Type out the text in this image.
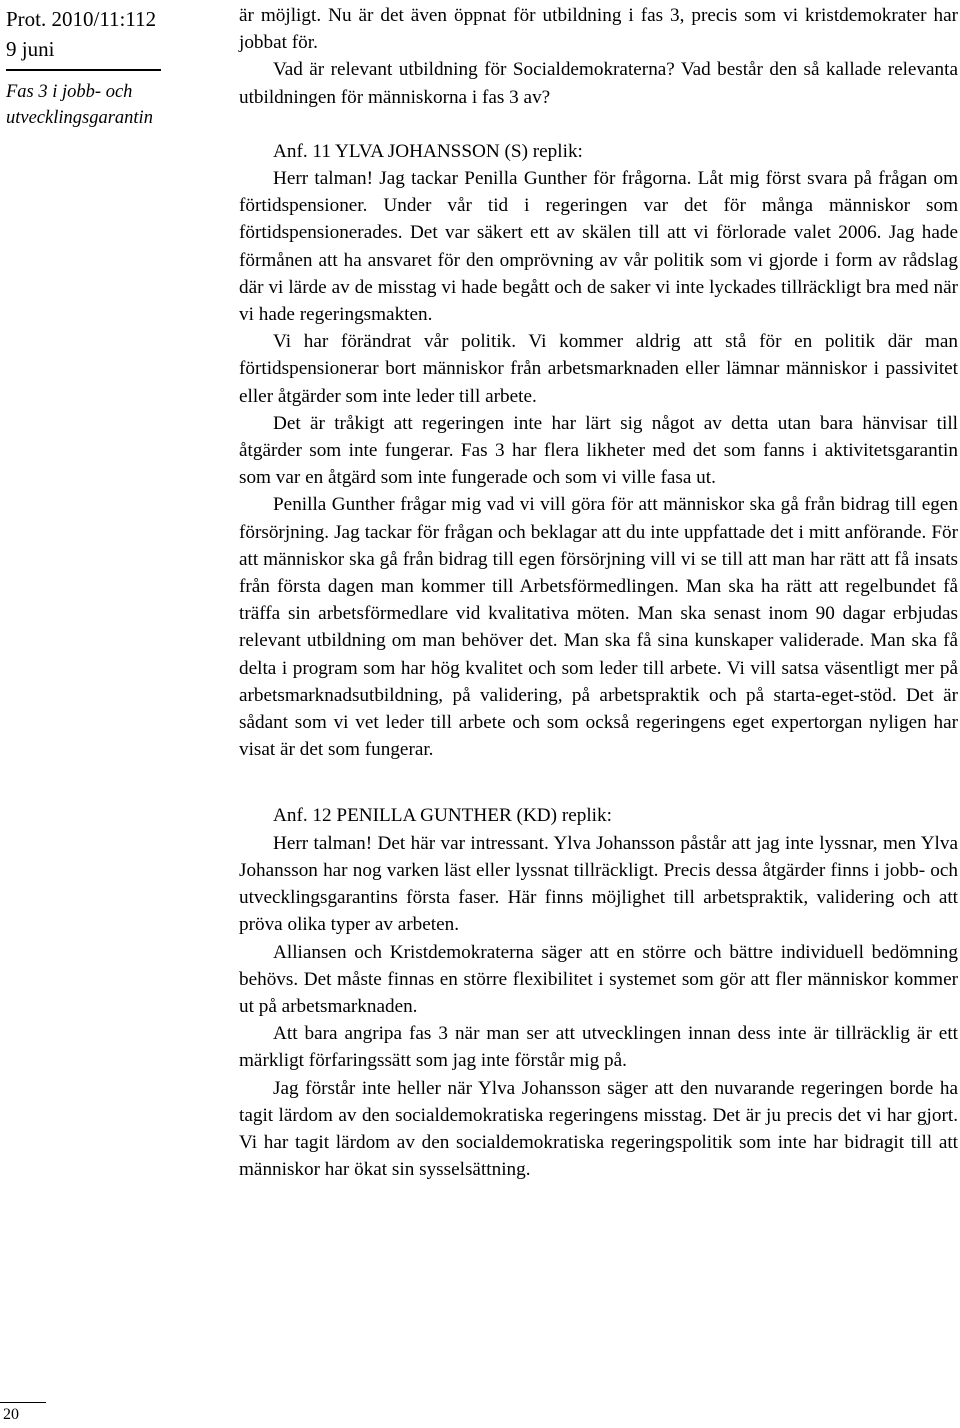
Prot. 2010/11:112

9 juni

Fas 3 i jobb- och
utvecklingsgarantin

är möjligt. Nu är det även öppnat för utbildning i fas 3, precis som vi kristdemokrater har jobbat för.

Vad är relevant utbildning för Socialdemokraterna? Vad består den så kallade relevanta utbildningen för människorna i fas 3 av?

Anf. 11 YLVA JOHANSSON (S) replik:

Herr talman! Jag tackar Penilla Gunther för frågorna. Låt mig först svara på frågan om förtidspensioner. Under vår tid i regeringen var det för många människor som förtidspensionerades. Det var säkert ett av skälen till att vi förlorade valet 2006. Jag hade förmånen att ha ansvaret för den omprövning av vår politik som vi gjorde i form av rådslag där vi lärde av de misstag vi hade begått och de saker vi inte lyckades tillräckligt bra med när vi hade regeringsmakten.

Vi har förändrat vår politik. Vi kommer aldrig att stå för en politik där man förtidspensionerar bort människor från arbetsmarknaden eller lämnar människor i passivitet eller åtgärder som inte leder till arbete.

Det är tråkigt att regeringen inte har lärt sig något av detta utan bara hänvisar till åtgärder som inte fungerar. Fas 3 har flera likheter med det som fanns i aktivitetsgarantin som var en åtgärd som inte fungerade och som vi ville fasa ut.

Penilla Gunther frågar mig vad vi vill göra för att människor ska gå från bidrag till egen försörjning. Jag tackar för frågan och beklagar att du inte uppfattade det i mitt anförande. För att människor ska gå från bidrag till egen försörjning vill vi se till att man har rätt att få insats från första dagen man kommer till Arbetsförmedlingen. Man ska ha rätt att regelbundet få träffa sin arbetsförmedlare vid kvalitativa möten. Man ska senast inom 90 dagar erbjudas relevant utbildning om man behöver det. Man ska få sina kunskaper validerade. Man ska få delta i program som har hög kvalitet och som leder till arbete. Vi vill satsa väsentligt mer på arbetsmarknadsutbildning, på validering, på arbetspraktik och på starta-eget-stöd. Det är sådant som vi vet leder till arbete och som också regeringens eget expertorgan nyligen har visat är det som fungerar.

Anf. 12 PENILLA GUNTHER (KD) replik:

Herr talman! Det här var intressant. Ylva Johansson påstår att jag inte lyssnar, men Ylva Johansson har nog varken läst eller lyssnat tillräckligt. Precis dessa åtgärder finns i jobb- och utvecklingsgarantins första faser. Här finns möjlighet till arbetspraktik, validering och att pröva olika typer av arbeten.

Alliansen och Kristdemokraterna säger att en större och bättre individuell bedömning behövs. Det måste finnas en större flexibilitet i systemet som gör att fler människor kommer ut på arbetsmarknaden.

Att bara angripa fas 3 när man ser att utvecklingen innan dess inte är tillräcklig är ett märkligt förfaringssätt som jag inte förstår mig på.

Jag förstår inte heller när Ylva Johansson säger att den nuvarande regeringen borde ha tagit lärdom av den socialdemokratiska regeringens misstag. Det är ju precis det vi har gjort. Vi har tagit lärdom av den socialdemokratiska regeringspolitik som inte har bidragit till att människor har ökat sin sysselsättning.

20
